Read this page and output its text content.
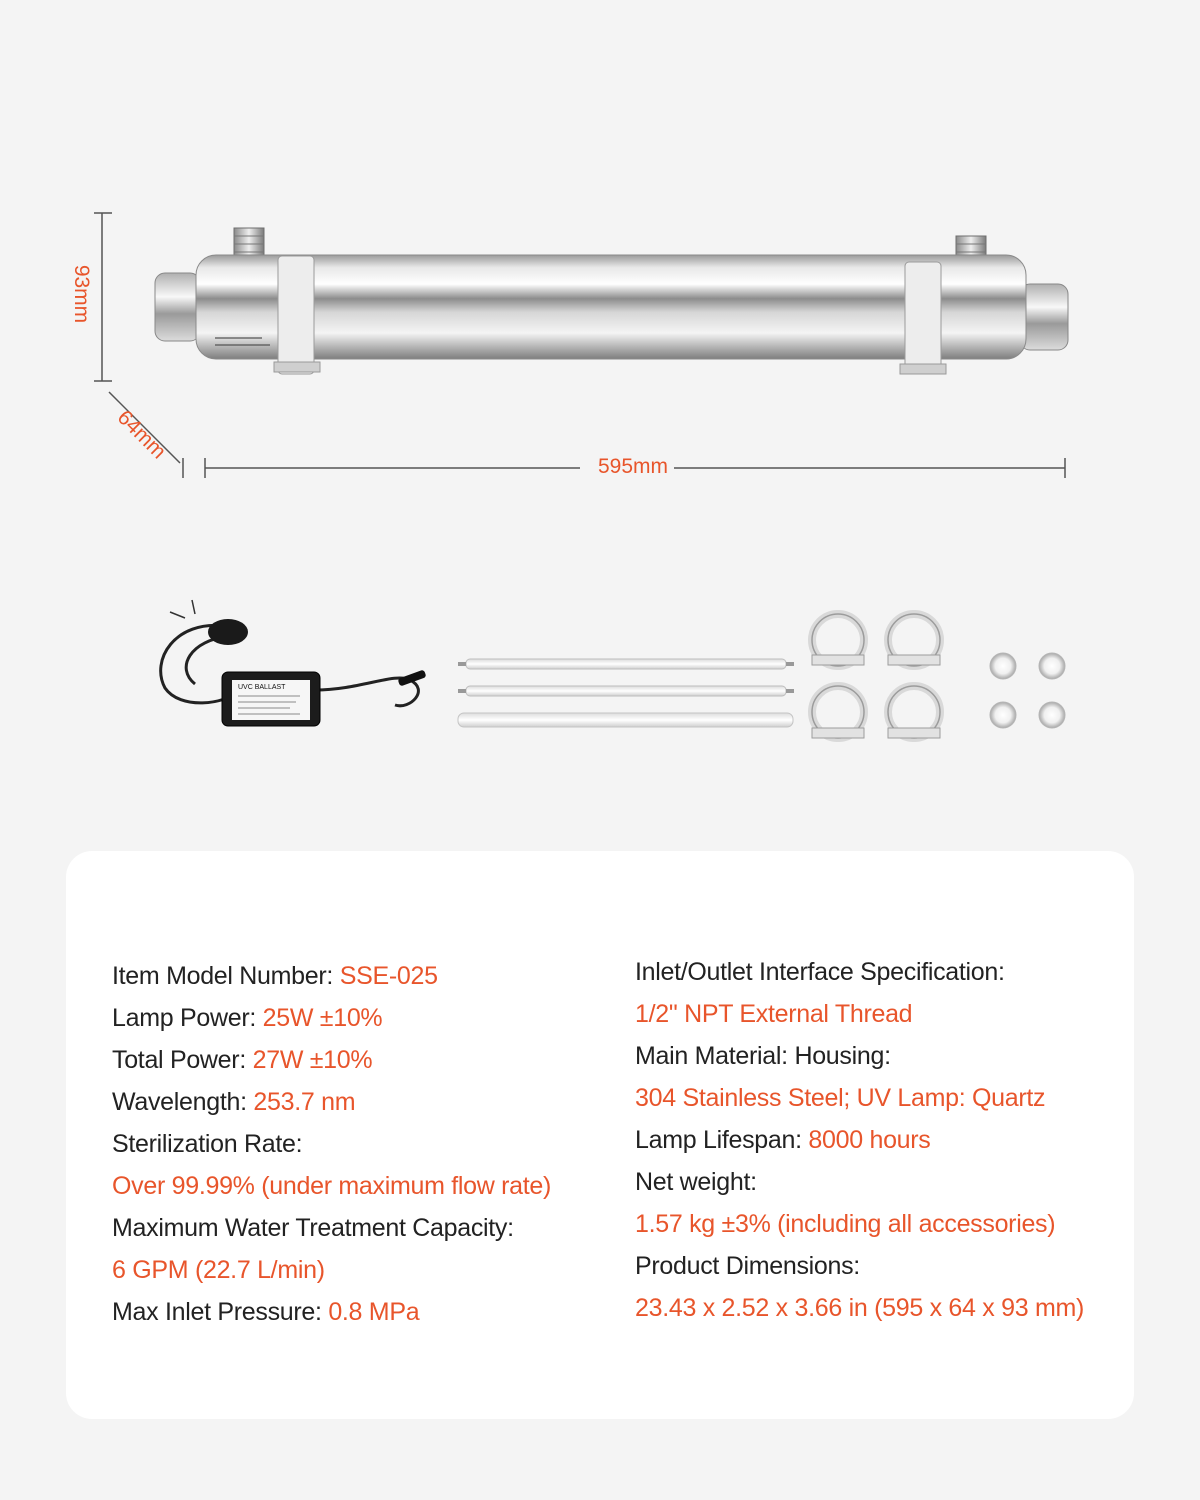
UVC BALLAST
93mm
64mm
595mm
Item Model Number: SSE-025
Lamp Power: 25W ±10%
Total Power: 27W ±10%
Wavelength: 253.7 nm
Sterilization Rate:
Over 99.99% (under maximum flow rate)
Maximum Water Treatment Capacity:
6 GPM (22.7 L/min)
Max Inlet Pressure: 0.8 MPa
Inlet/Outlet Interface Specification:
1/2" NPT External Thread
Main Material: Housing:
304 Stainless Steel; UV Lamp: Quartz
Lamp Lifespan: 8000 hours
Net weight:
1.57 kg ±3% (including all accessories)
Product Dimensions:
23.43 x 2.52 x 3.66 in (595 x 64 x 93 mm)
